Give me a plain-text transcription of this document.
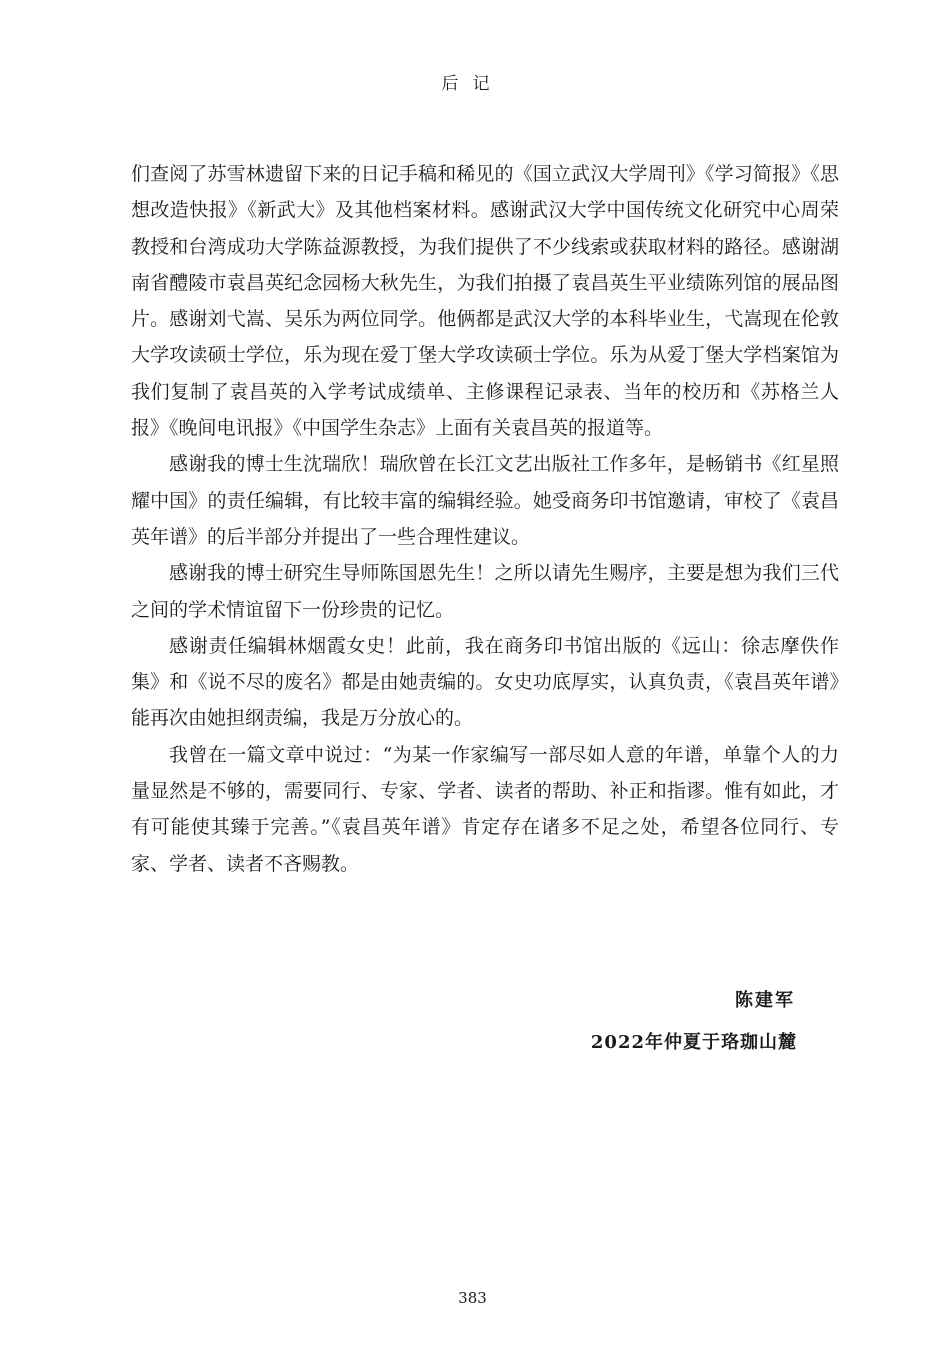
后记

们查阅了苏雪林遗留下来的日记手稿和稀见的《国立武汉大学周刊》《学习简报》《思想改造快报》《新武大》及其他档案材料。感谢武汉大学中国传统文化研究中心周荣教授和台湾成功大学陈益源教授，为我们提供了不少线索或获取材料的路径。感谢湖南省醴陵市袁昌英纪念园杨大秋先生，为我们拍摄了袁昌英生平业绩陈列馆的展品图片。感谢刘弋嵩、吴乐为两位同学。他俩都是武汉大学的本科毕业生，弋嵩现在伦敦大学攻读硕士学位，乐为现在爱丁堡大学攻读硕士学位。乐为从爱丁堡大学档案馆为我们复制了袁昌英的入学考试成绩单、主修课程记录表、当年的校历和《苏格兰人报》《晚间电讯报》《中国学生杂志》上面有关袁昌英的报道等。

感谢我的博士生沈瑞欣！瑞欣曾在长江文艺出版社工作多年，是畅销书《红星照耀中国》的责任编辑，有比较丰富的编辑经验。她受商务印书馆邀请，审校了《袁昌英年谱》的后半部分并提出了一些合理性建议。

感谢我的博士研究生导师陈国恩先生！之所以请先生赐序，主要是想为我们三代之间的学术情谊留下一份珍贵的记忆。

感谢责任编辑林烟霞女史！此前，我在商务印书馆出版的《远山：徐志摩佚作集》和《说不尽的废名》都是由她责编的。女史功底厚实，认真负责，《袁昌英年谱》能再次由她担纲责编，我是万分放心的。

我曾在一篇文章中说过：“为某一作家编写一部尽如人意的年谱，单靠个人的力量显然是不够的，需要同行、专家、学者、读者的帮助、补正和指谬。惟有如此，才有可能使其臻于完善。”《袁昌英年谱》肯定存在诸多不足之处，希望各位同行、专家、学者、读者不吝赐教。

陈建军
2022年仲夏于珞珈山麓
383
